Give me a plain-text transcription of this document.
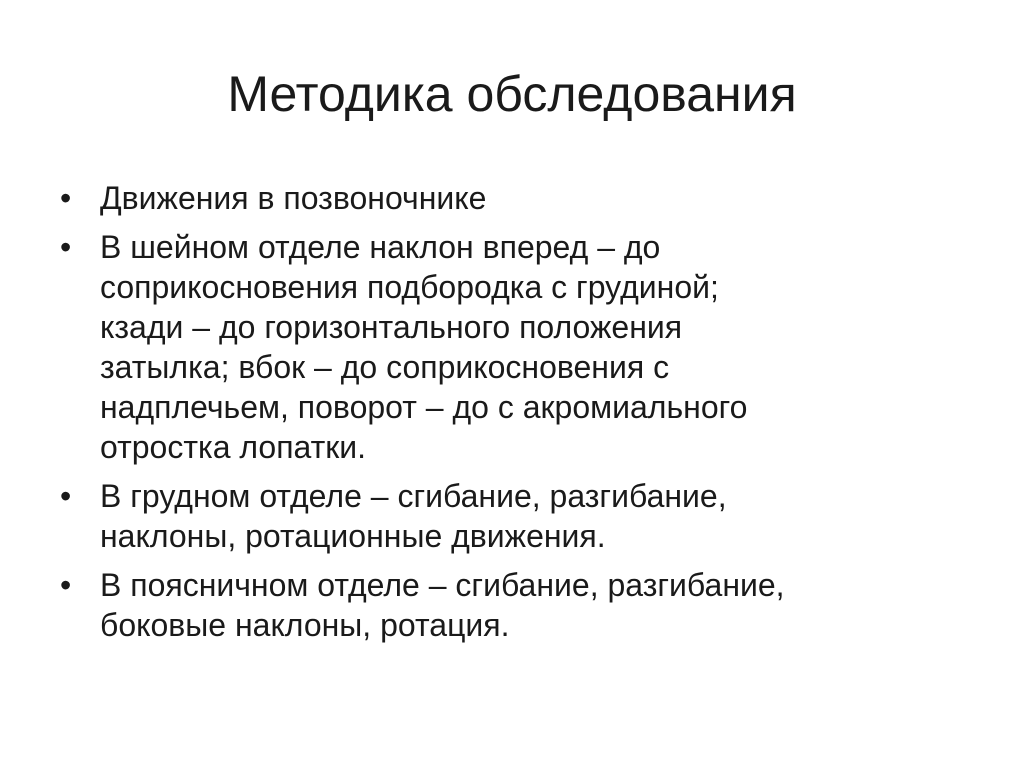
Методика обследования
• Движения в позвоночнике
• В шейном отделе наклон вперед – до
соприкосновения подбородка с грудиной;
кзади – до горизонтального положения
затылка; вбок – до соприкосновения с
надплечьем, поворот – до с акромиального
отростка лопатки.
• В грудном отделе – сгибание, разгибание,
наклоны, ротационные движения.
• В поясничном отделе – сгибание, разгибание,
боковые наклоны, ротация.
